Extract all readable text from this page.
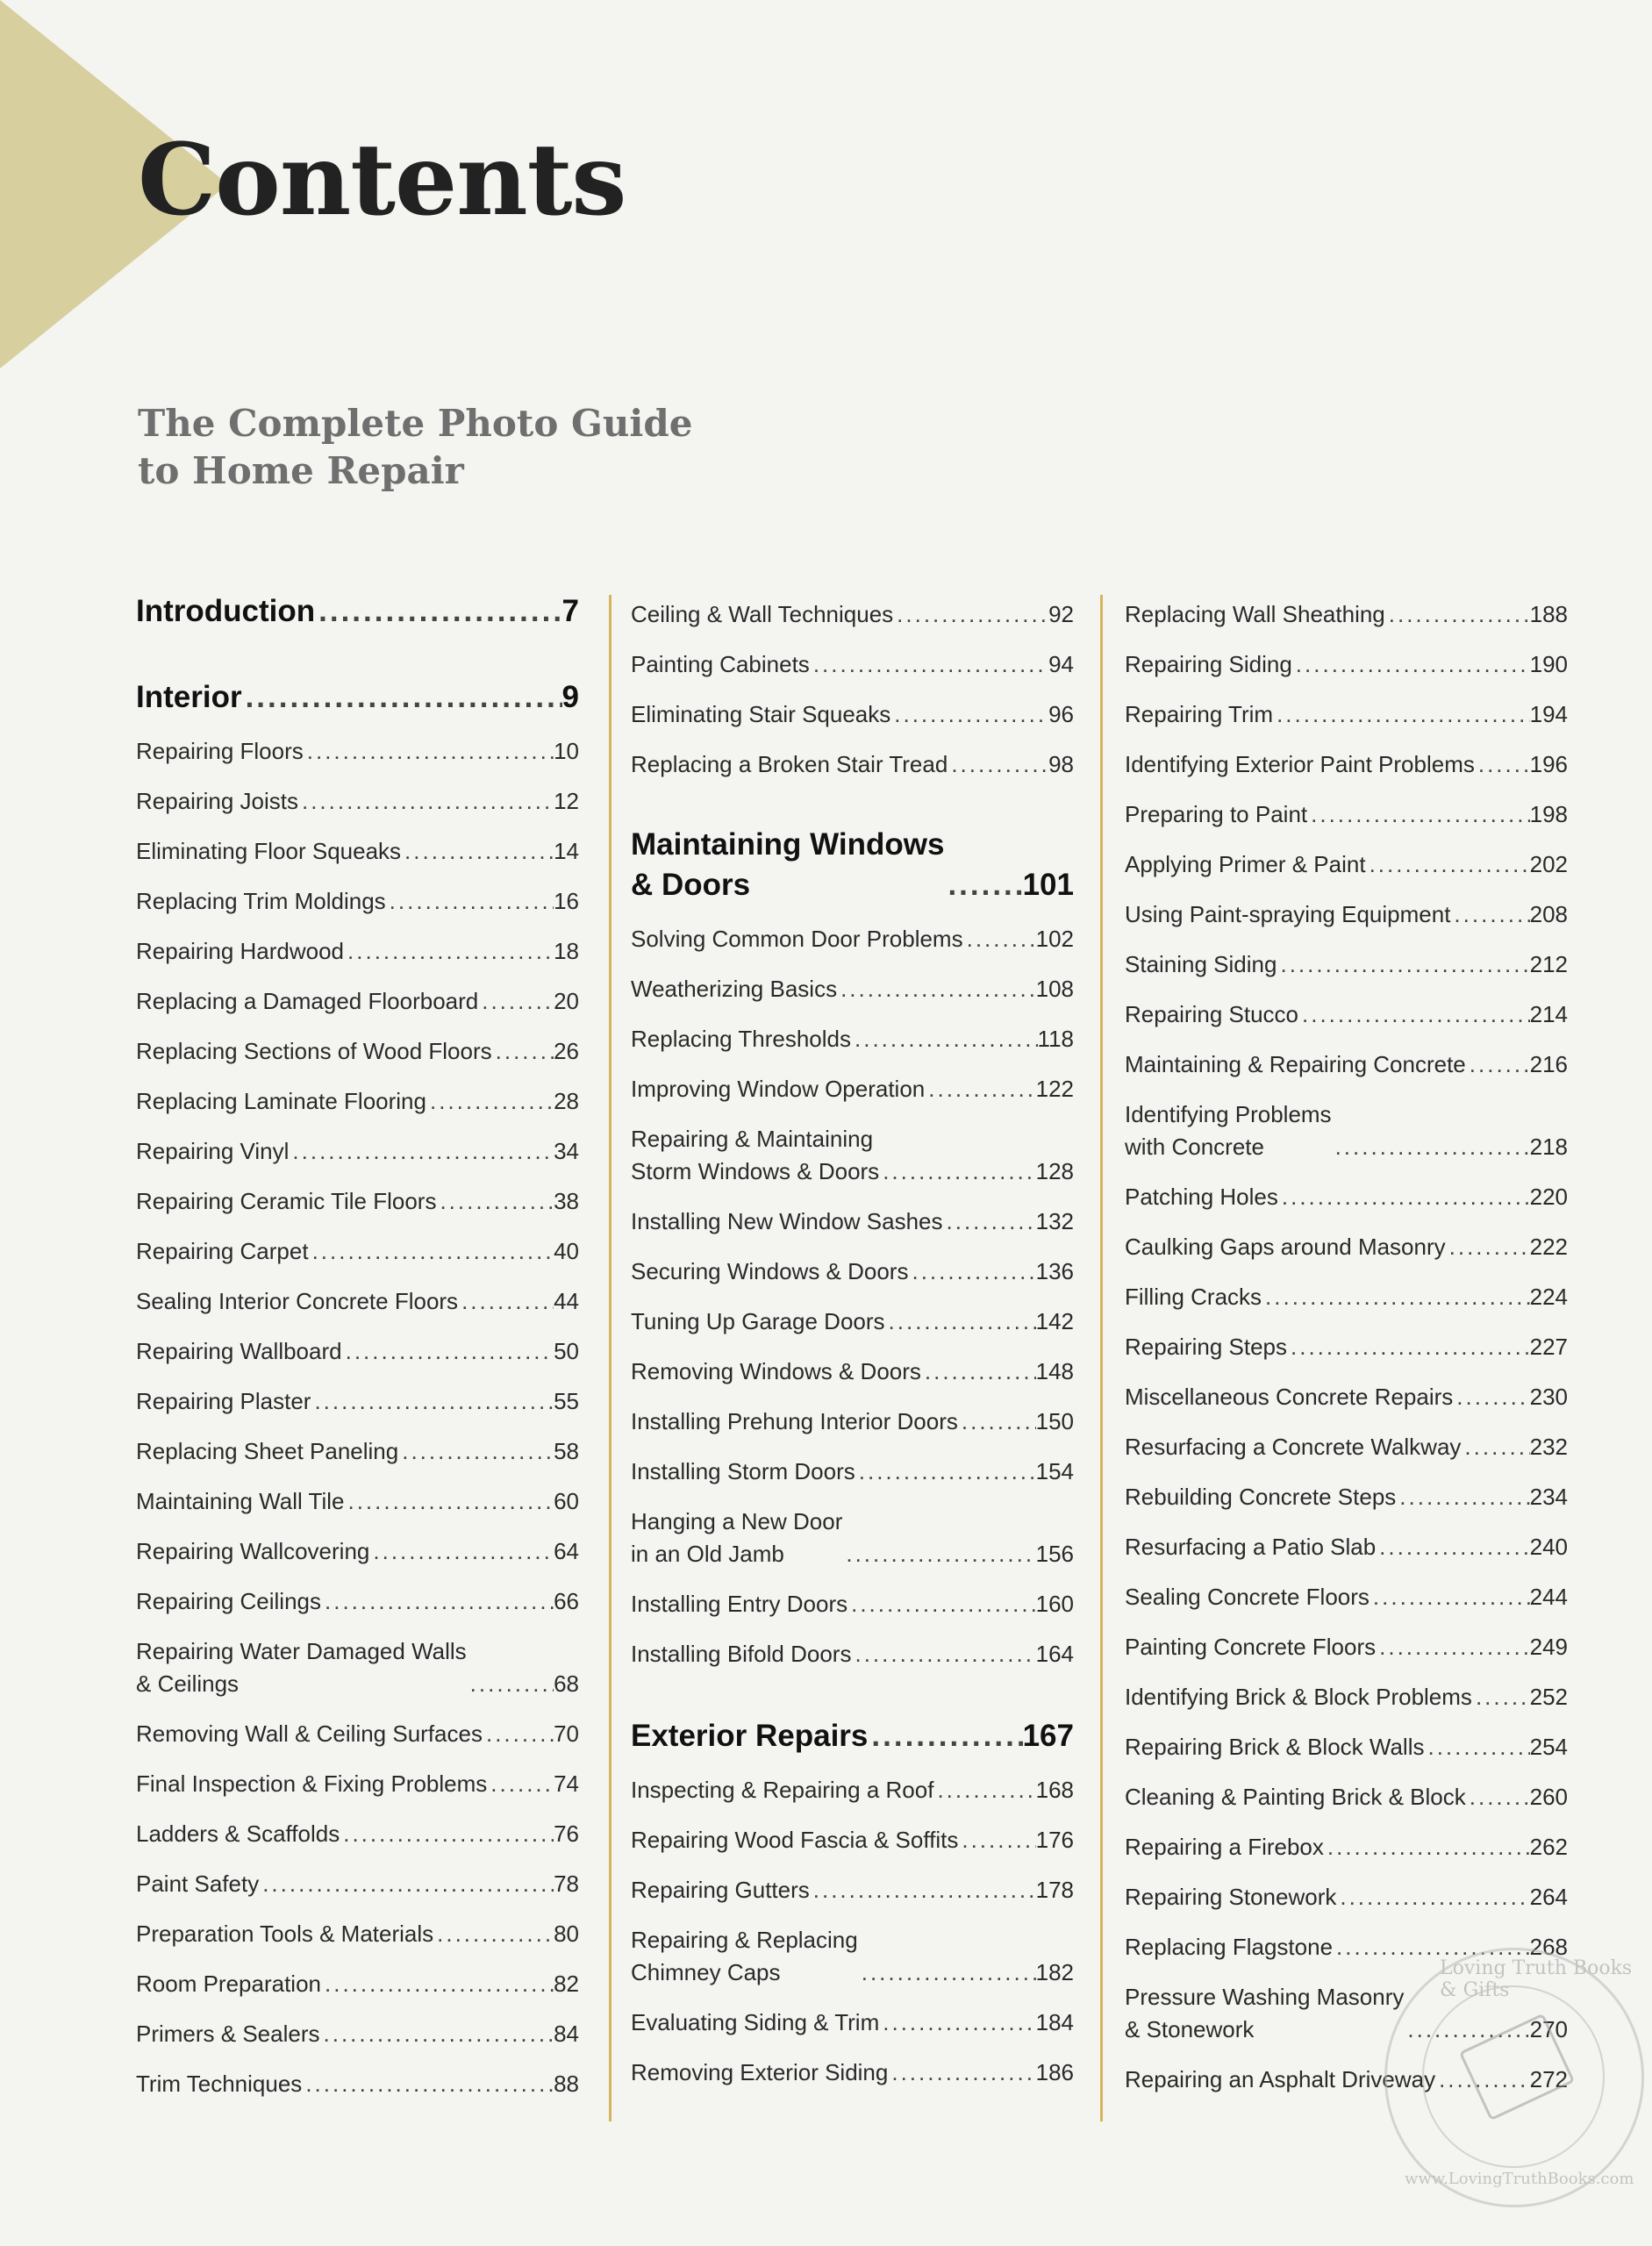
Contents
The Complete Photo Guide
to Home Repair
Introduction .....	7
Interior .....	9
Repairing Floors .....	10
Repairing Joists .....	12
Eliminating Floor Squeaks .....	14
Replacing Trim Moldings .....	16
Repairing Hardwood .....	18
Replacing a Damaged Floorboard .....	20
Replacing Sections of Wood Floors .....	26
Replacing Laminate Flooring .....	28
Repairing Vinyl .....	34
Repairing Ceramic Tile Floors .....	38
Repairing Carpet .....	40
Sealing Interior Concrete Floors .....	44
Repairing Wallboard .....	50
Repairing Plaster .....	55
Replacing Sheet Paneling .....	58
Maintaining Wall Tile .....	60
Repairing Wallcovering .....	64
Repairing Ceilings .....	66
Repairing Water Damaged Walls
& Ceilings .....	68
Removing Wall & Ceiling Surfaces .....	70
Final Inspection & Fixing Problems .....	74
Ladders & Scaffolds .....	76
Paint Safety .....	78
Preparation Tools & Materials .....	80
Room Preparation .....	82
Primers & Sealers .....	84
Trim Techniques .....	88
Ceiling & Wall Techniques .....	92
Painting Cabinets .....	94
Eliminating Stair Squeaks .....	96
Replacing a Broken Stair Tread .....	98
Maintaining Windows
& Doors .....	101
Solving Common Door Problems .....	102
Weatherizing Basics .....	108
Replacing Thresholds .....	118
Improving Window Operation .....	122
Repairing & Maintaining
Storm Windows & Doors .....	128
Installing New Window Sashes .....	132
Securing Windows & Doors .....	136
Tuning Up Garage Doors .....	142
Removing Windows & Doors .....	148
Installing Prehung Interior Doors .....	150
Installing Storm Doors .....	154
Hanging a New Door
in an Old Jamb .....	156
Installing Entry Doors .....	160
Installing Bifold Doors .....	164
Exterior Repairs .....	167
Inspecting & Repairing a Roof .....	168
Repairing Wood Fascia & Soffits .....	176
Repairing Gutters .....	178
Repairing & Replacing
Chimney Caps .....	182
Evaluating Siding & Trim .....	184
Removing Exterior Siding .....	186
Replacing Wall Sheathing .....	188
Repairing Siding .....	190
Repairing Trim .....	194
Identifying Exterior Paint Problems ..... 196
Preparing to Paint .....	198
Applying Primer & Paint .....	202
Using Paint-spraying Equipment .....	208
Staining Siding .....	212
Repairing Stucco .....	214
Maintaining & Repairing Concrete .....	216
Identifying Problems
with Concrete .....	218
Patching Holes .....	220
Caulking Gaps around Masonry .....	222
Filling Cracks .....	224
Repairing Steps .....	227
Miscellaneous Concrete Repairs .....	230
Resurfacing a Concrete Walkway .....	232
Rebuilding Concrete Steps .....	234
Resurfacing a Patio Slab .....	240
Sealing Concrete Floors .....	244
Painting Concrete Floors .....	249
Identifying Brick & Block Problems .....	252
Repairing Brick & Block Walls .....	254
Cleaning & Painting Brick & Block .....	260
Repairing a Firebox .....	262
Repairing Stonework .....	264
Replacing Flagstone .....	268
Pressure Washing Masonry
& Stonework .....	270
Repairing an Asphalt Driveway .....	272
Loving Truth Books & Gifts
www.LovingTruthBooks.com
